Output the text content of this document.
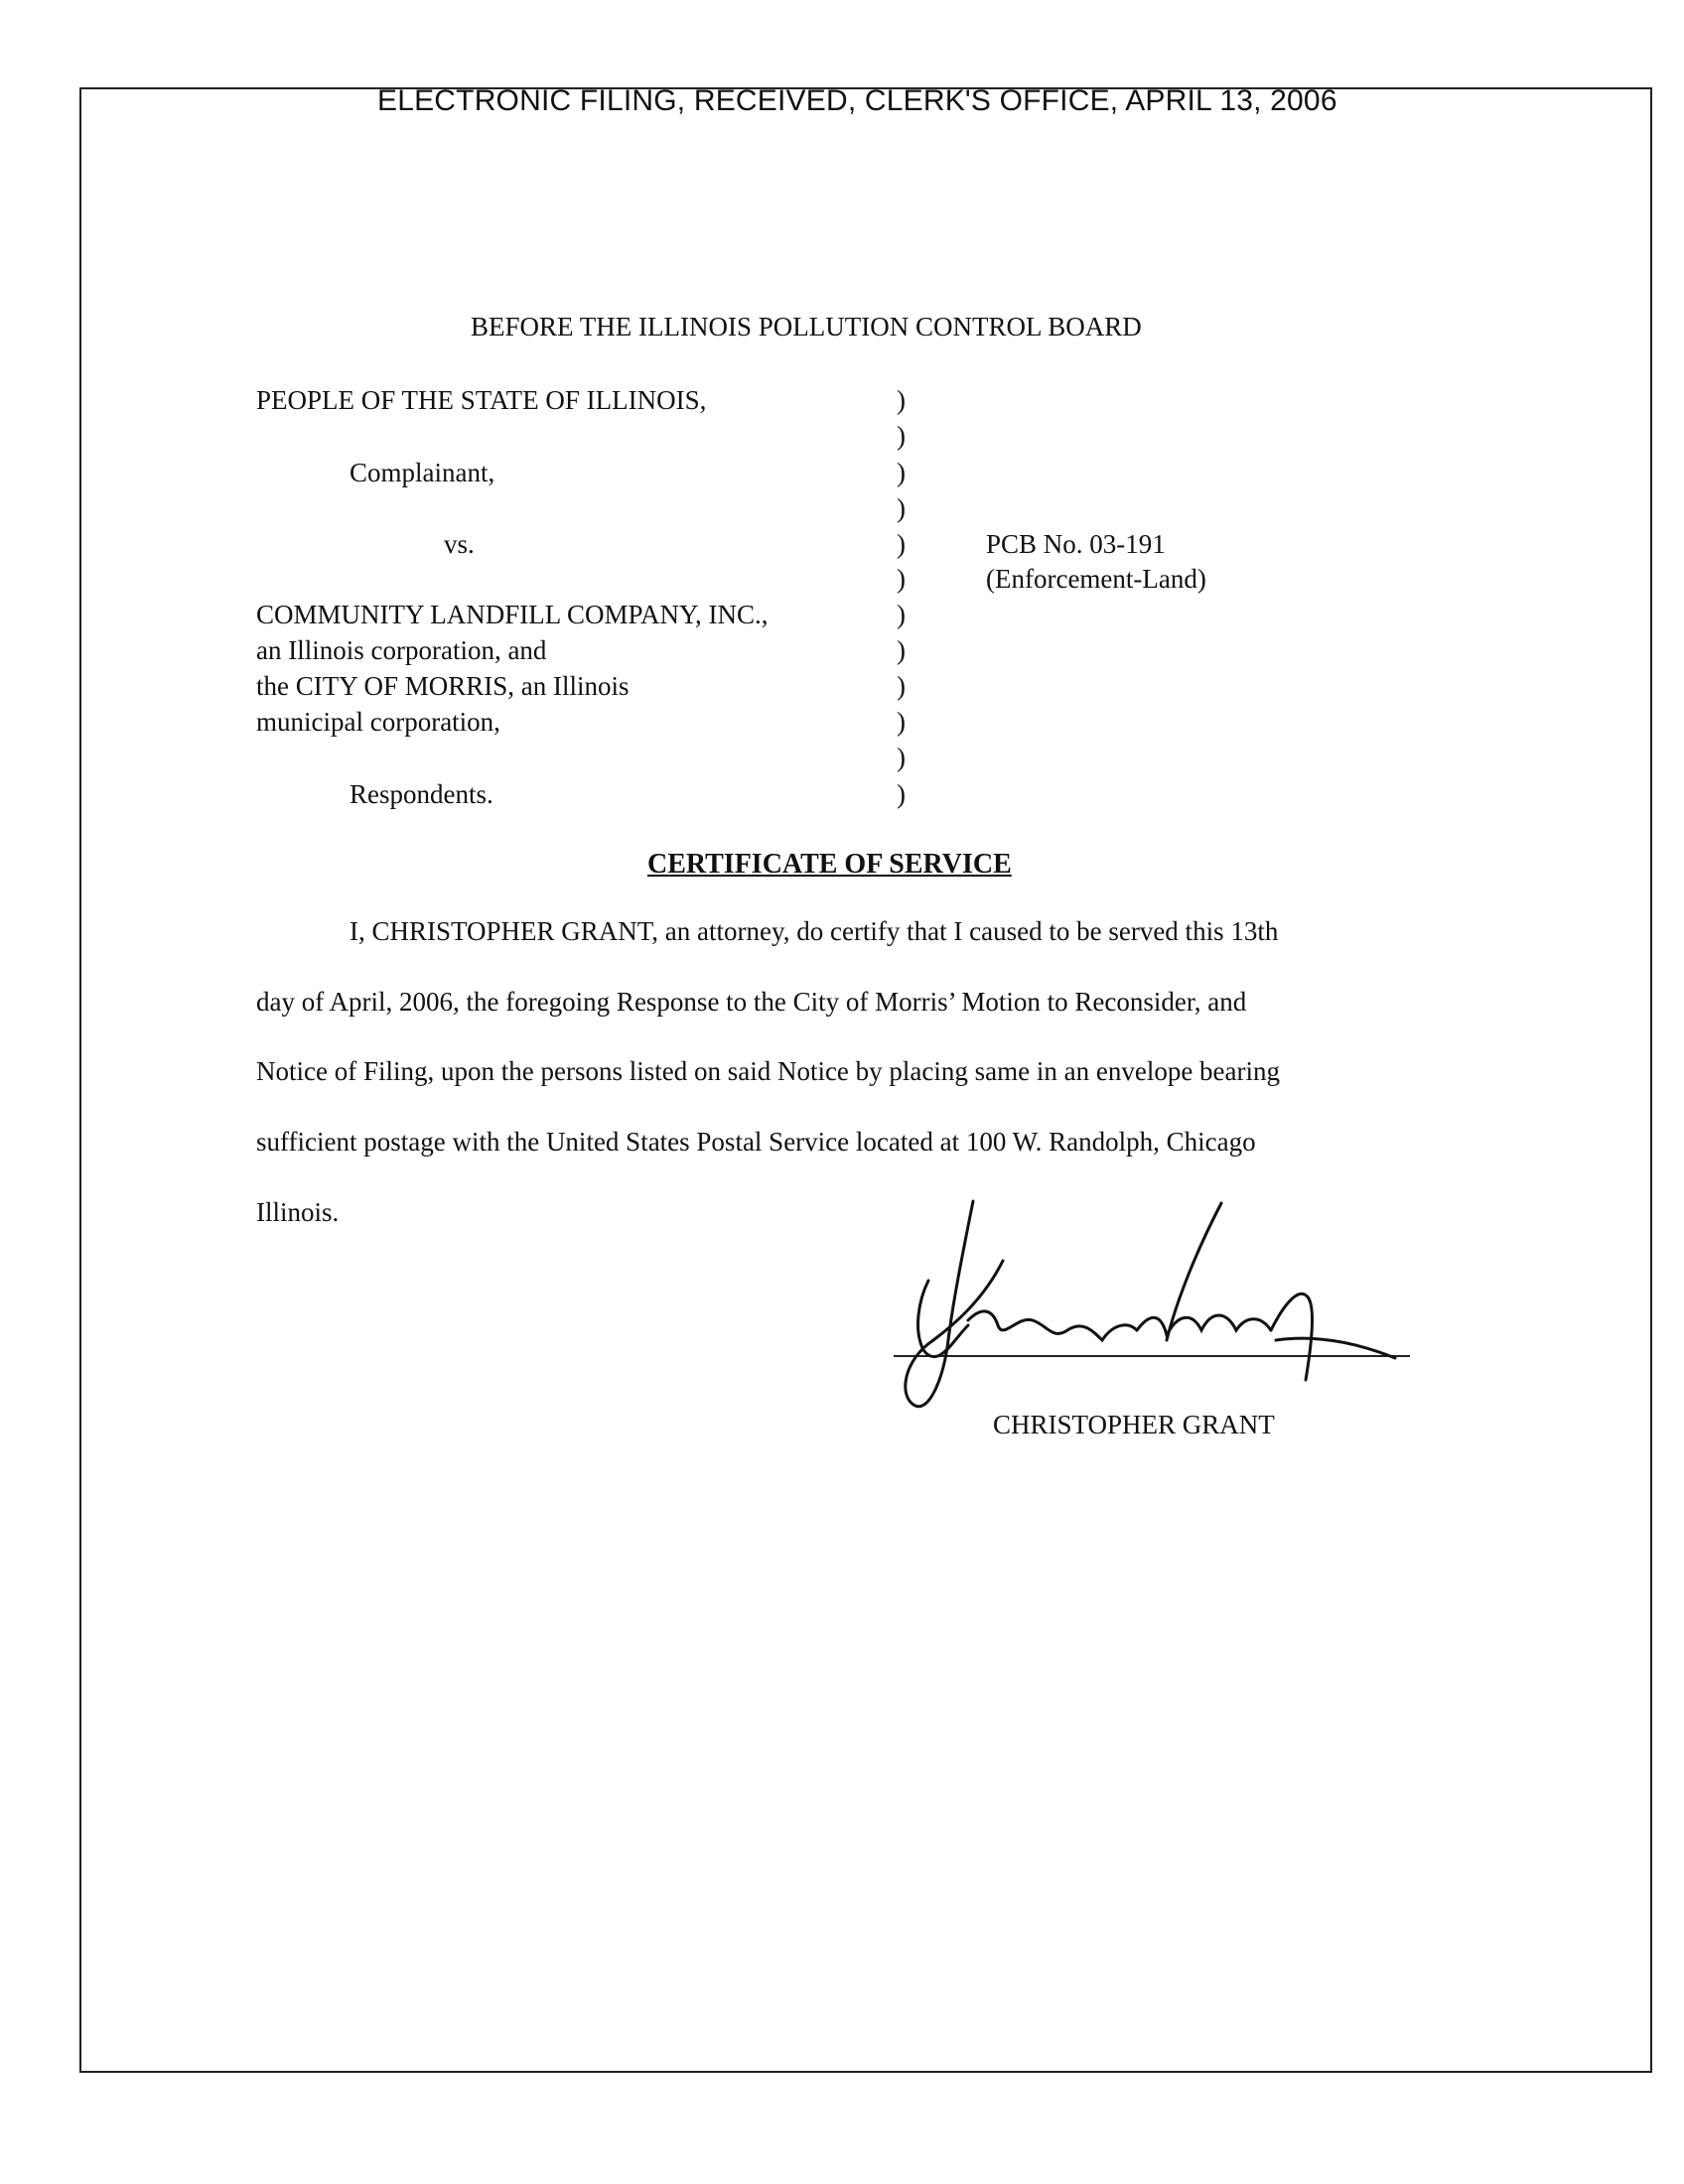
ELECTRONIC FILING, RECEIVED, CLERK'S OFFICE, APRIL 13, 2006
BEFORE THE ILLINOIS POLLUTION CONTROL BOARD
PEOPLE OF THE STATE OF ILLINOIS,
Complainant,
vs.
COMMUNITY LANDFILL COMPANY, INC.,
an Illinois corporation, and
the CITY OF MORRIS, an Illinois
municipal corporation,
Respondents.
)
)
)
)
)
)
)
)
)
)
)
)
PCB No. 03-191
(Enforcement-Land)
CERTIFICATE OF SERVICE
I, CHRISTOPHER GRANT, an attorney, do certify that I caused to be served this 13th
day of April, 2006, the foregoing Response to the City of Morris’ Motion to Reconsider, and
Notice of Filing, upon the persons listed on said Notice by placing same in an envelope bearing
sufficient postage with the United States Postal Service located at 100 W. Randolph, Chicago
Illinois.
CHRISTOPHER GRANT
